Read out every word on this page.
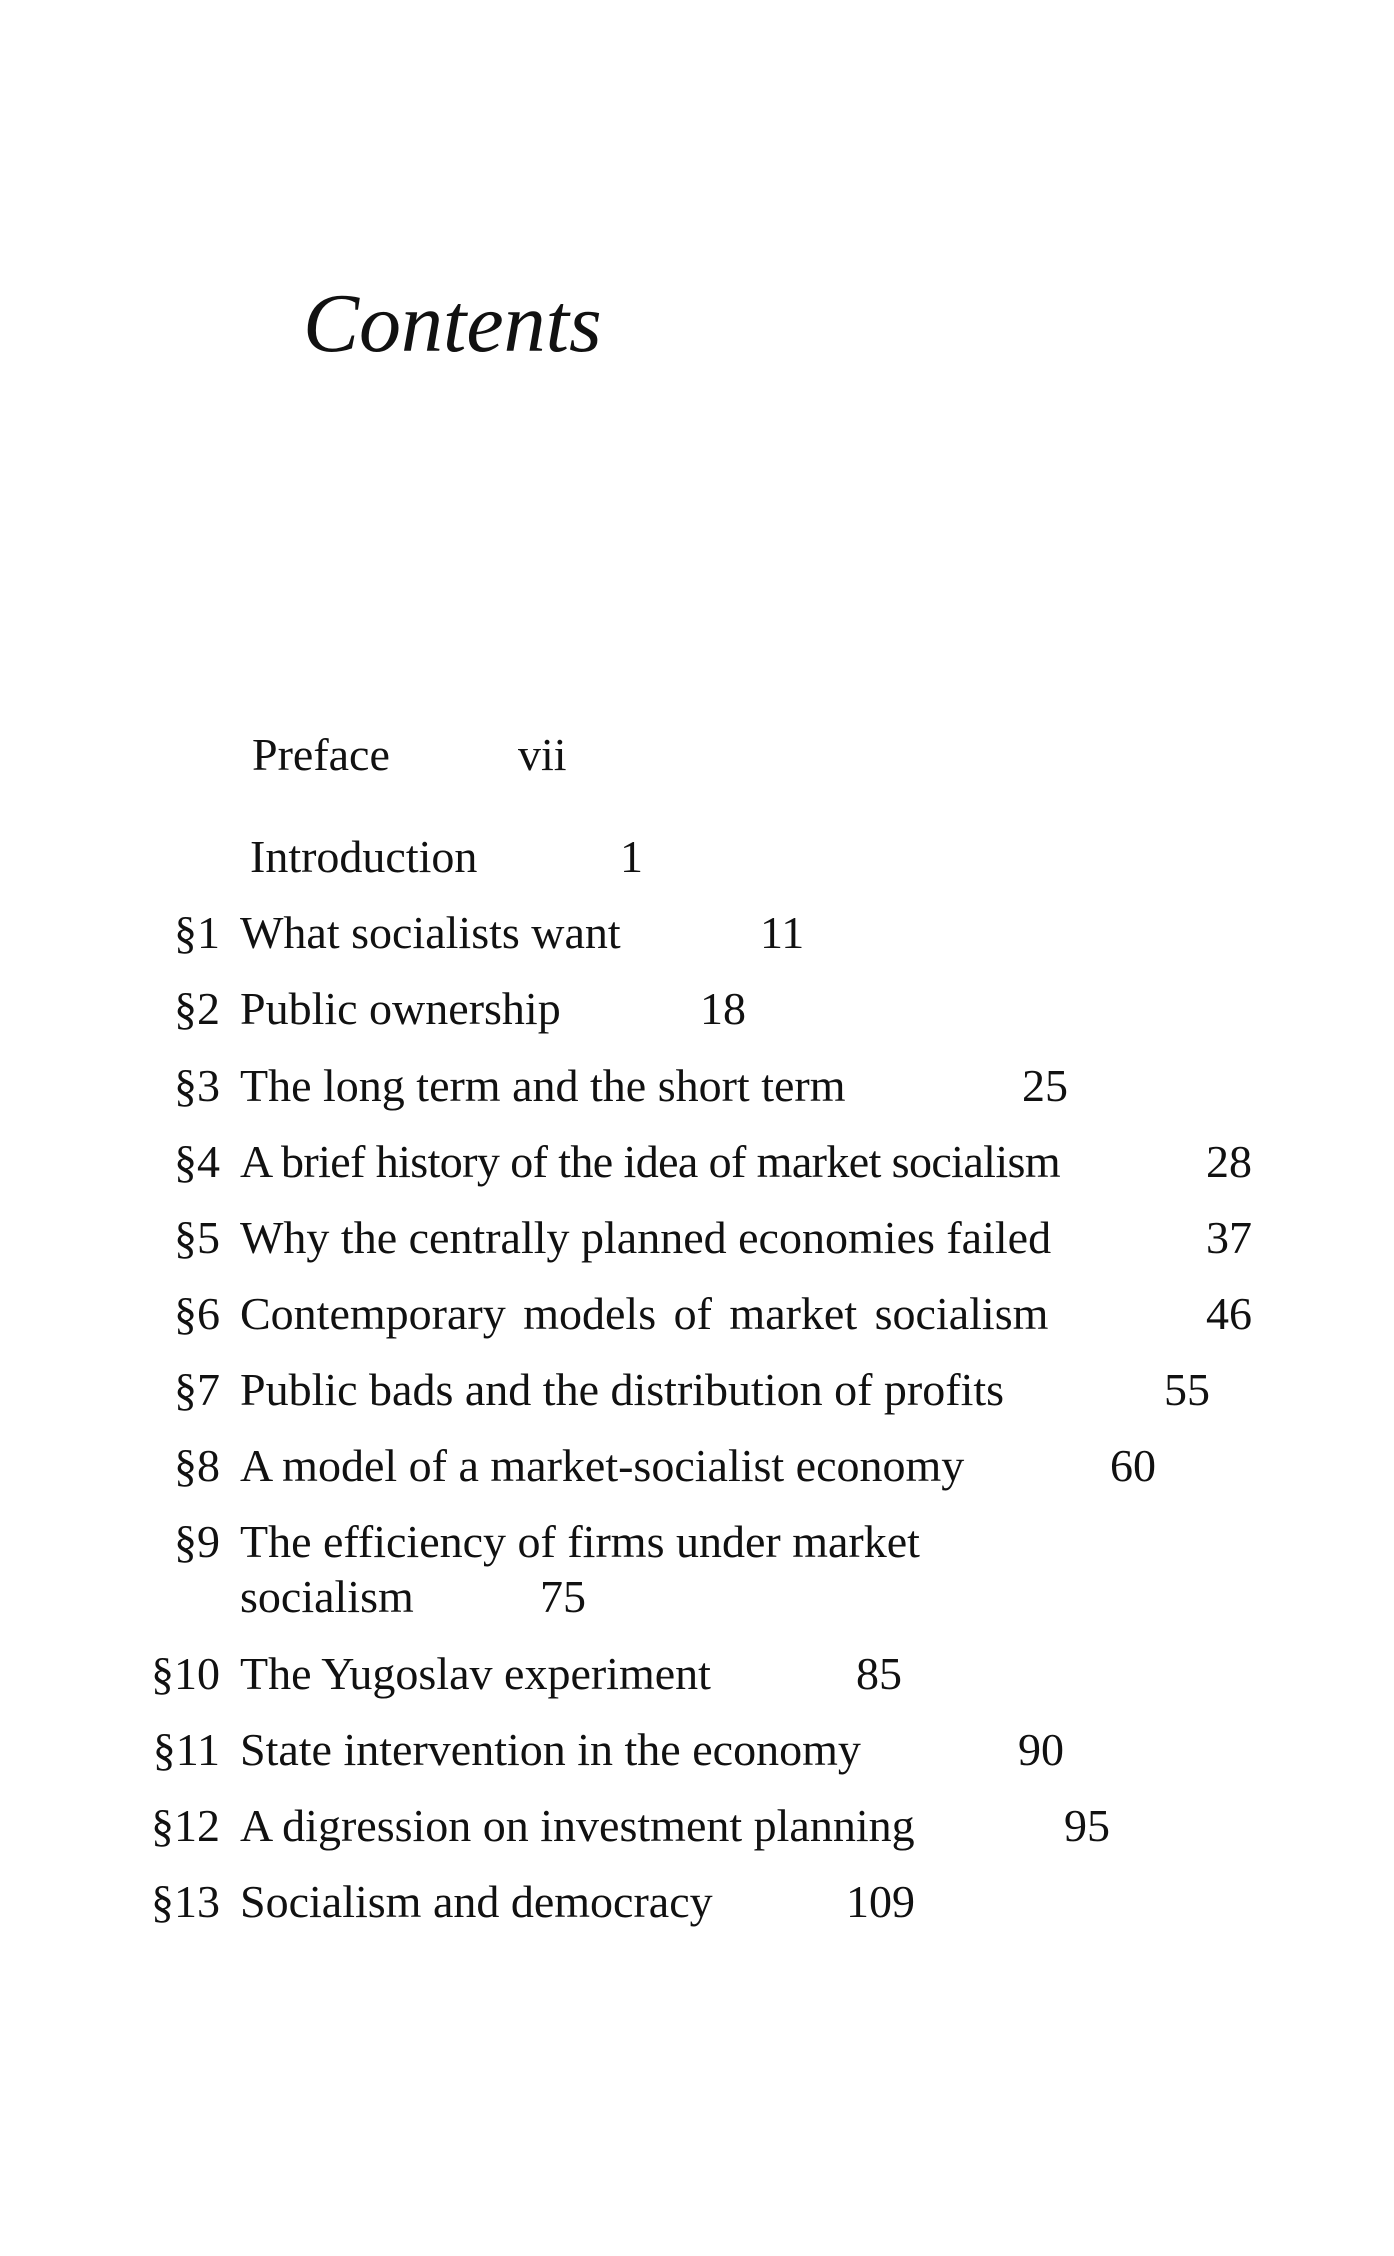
Contents
Preface	vii
Introduction	1
§1 What socialists want	11
§2 Public ownership	18
§3 The long term and the short term	25
§4 A brief history of the idea of market socialism	28
§5 Why the centrally planned economies failed	37
§6 Contemporary models of market socialism	46
§7 Public bads and the distribution of profits	55
§8 A model of a market-socialist economy	60
§9 The efficiency of firms under market
socialism	75
§10 The Yugoslav experiment	85
§11 State intervention in the economy	90
§12 A digression on investment planning	95
§13 Socialism and democracy	109
